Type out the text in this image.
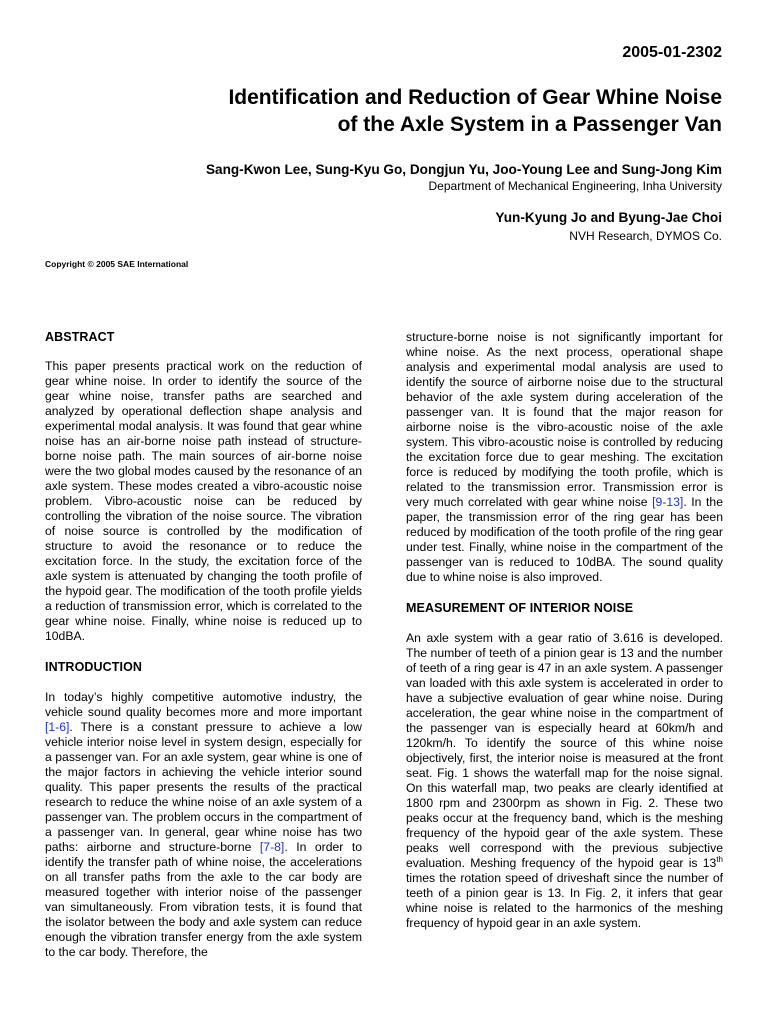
2005-01-2302
Identification and Reduction of Gear Whine Noise
of the Axle System in a Passenger Van
Sang-Kwon Lee, Sung-Kyu Go, Dongjun Yu, Joo-Young Lee and Sung-Jong Kim
Department of Mechanical Engineering, Inha University
Yun-Kyung Jo and Byung-Jae Choi
NVH Research, DYMOS Co.
Copyright © 2005 SAE International
ABSTRACT

This paper presents practical work on the reduction of gear whine noise. In order to identify the source of the gear whine noise, transfer paths are searched and analyzed by operational deflection shape analysis and experimental modal analysis. It was found that gear whine noise has an air-borne noise path instead of structure-borne noise path. The main sources of air-borne noise were the two global modes caused by the resonance of an axle system. These modes created a vibro-acoustic noise problem. Vibro-acoustic noise can be reduced by controlling the vibration of the noise source. The vibration of noise source is controlled by the modification of structure to avoid the resonance or to reduce the excitation force. In the study, the excitation force of the axle system is attenuated by changing the tooth profile of the hypoid gear. The modification of the tooth profile yields a reduction of transmission error, which is correlated to the gear whine noise. Finally, whine noise is reduced up to 10dBA.

INTRODUCTION

In today’s highly competitive automotive industry, the vehicle sound quality becomes more and more important [1-6]. There is a constant pressure to achieve a low vehicle interior noise level in system design, especially for a passenger van. For an axle system, gear whine is one of the major factors in achieving the vehicle interior sound quality. This paper presents the results of the practical research to reduce the whine noise of an axle system of a passenger van. The problem occurs in the compartment of a passenger van. In general, gear whine noise has two paths: airborne and structure-borne [7-8]. In order to identify the transfer path of whine noise, the accelerations on all transfer paths from the axle to the car body are measured together with interior noise of the passenger van simultaneously. From vibration tests, it is found that the isolator between the body and axle system can reduce enough the vibration transfer energy from the axle system to the car body. Therefore, the

structure-borne noise is not significantly important for whine noise. As the next process, operational shape analysis and experimental modal analysis are used to identify the source of airborne noise due to the structural behavior of the axle system during acceleration of the passenger van. It is found that the major reason for airborne noise is the vibro-acoustic noise of the axle system. This vibro-acoustic noise is controlled by reducing the excitation force due to gear meshing. The excitation force is reduced by modifying the tooth profile, which is related to the transmission error. Transmission error is very much correlated with gear whine noise [9-13]. In the paper, the transmission error of the ring gear has been reduced by modification of the tooth profile of the ring gear under test. Finally, whine noise in the compartment of the passenger van is reduced to 10dBA. The sound quality due to whine noise is also improved.

MEASUREMENT OF INTERIOR NOISE

An axle system with a gear ratio of 3.616 is developed. The number of teeth of a pinion gear is 13 and the number of teeth of a ring gear is 47 in an axle system. A passenger van loaded with this axle system is accelerated in order to have a subjective evaluation of gear whine noise. During acceleration, the gear whine noise in the compartment of the passenger van is especially heard at 60km/h and 120km/h. To identify the source of this whine noise objectively, first, the interior noise is measured at the front seat. Fig. 1 shows the waterfall map for the noise signal. On this waterfall map, two peaks are clearly identified at 1800 rpm and 2300rpm as shown in Fig. 2. These two peaks occur at the frequency band, which is the meshing frequency of the hypoid gear of the axle system. These peaks well correspond with the previous subjective evaluation. Meshing frequency of the hypoid gear is 13th times the rotation speed of driveshaft since the number of teeth of a pinion gear is 13. In Fig. 2, it infers that gear whine noise is related to the harmonics of the meshing frequency of hypoid gear in an axle system.
